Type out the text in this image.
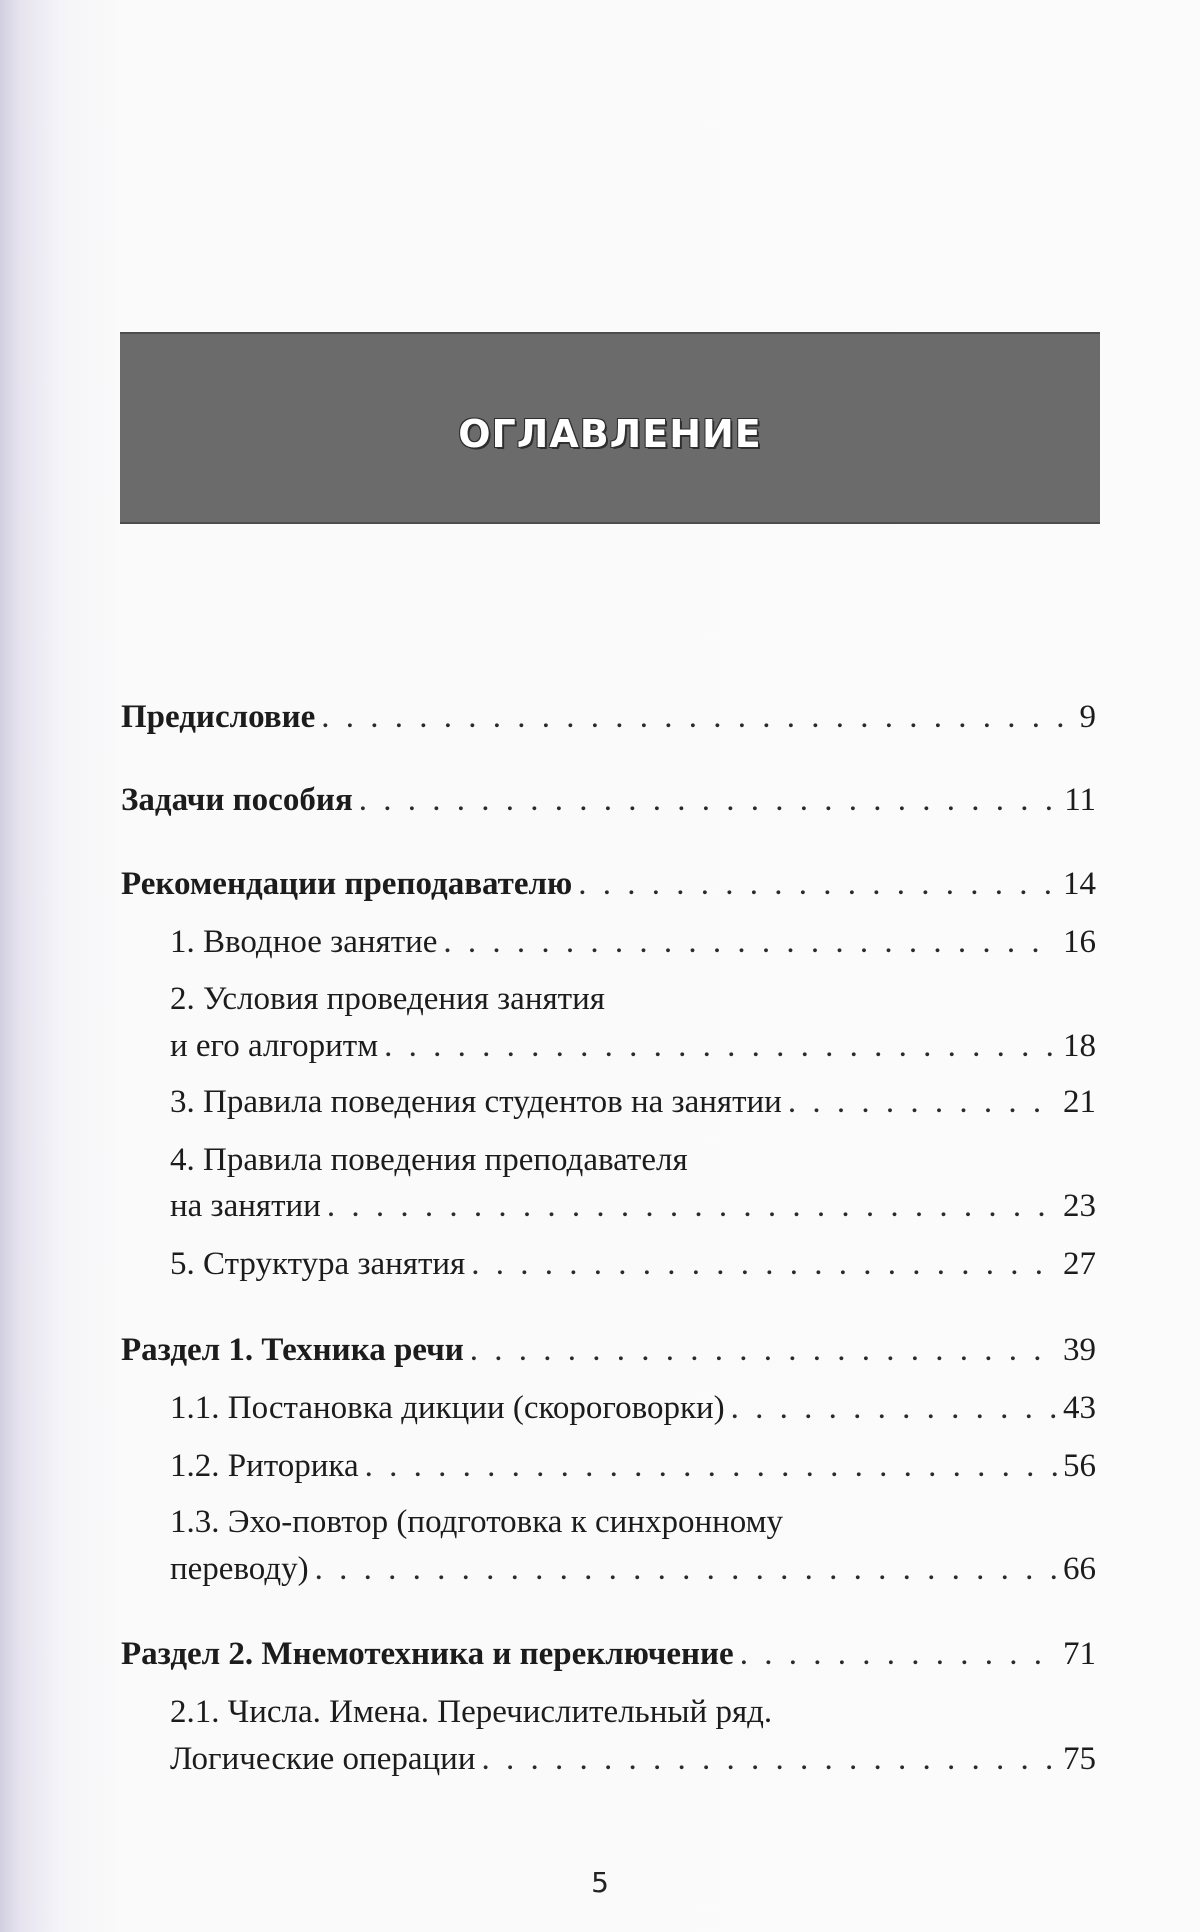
ОГЛАВЛЕНИЕ
Предисловие . . .	9
Задачи пособия . . .	11
Рекомендации преподавателю . . .	14
1. Вводное занятие . . .	16
2. Условия проведения занятия
и его алгоритм . . .	18
3. Правила поведения студентов на занятии . . .	21
4. Правила поведения преподавателя
на занятии . . .	23
5. Структура занятия . . .	27
Раздел 1. Техника речи . . .	39
1.1. Постановка дикции (скороговорки) . . .	43
1.2. Риторика . . .	56
1.3. Эхо-повтор (подготовка к синхронному
переводу) . . .	66
Раздел 2. Мнемотехника и переключение . . .	71
2.1. Числа. Имена. Перечислительный ряд.
Логические операции . . .	75
5
